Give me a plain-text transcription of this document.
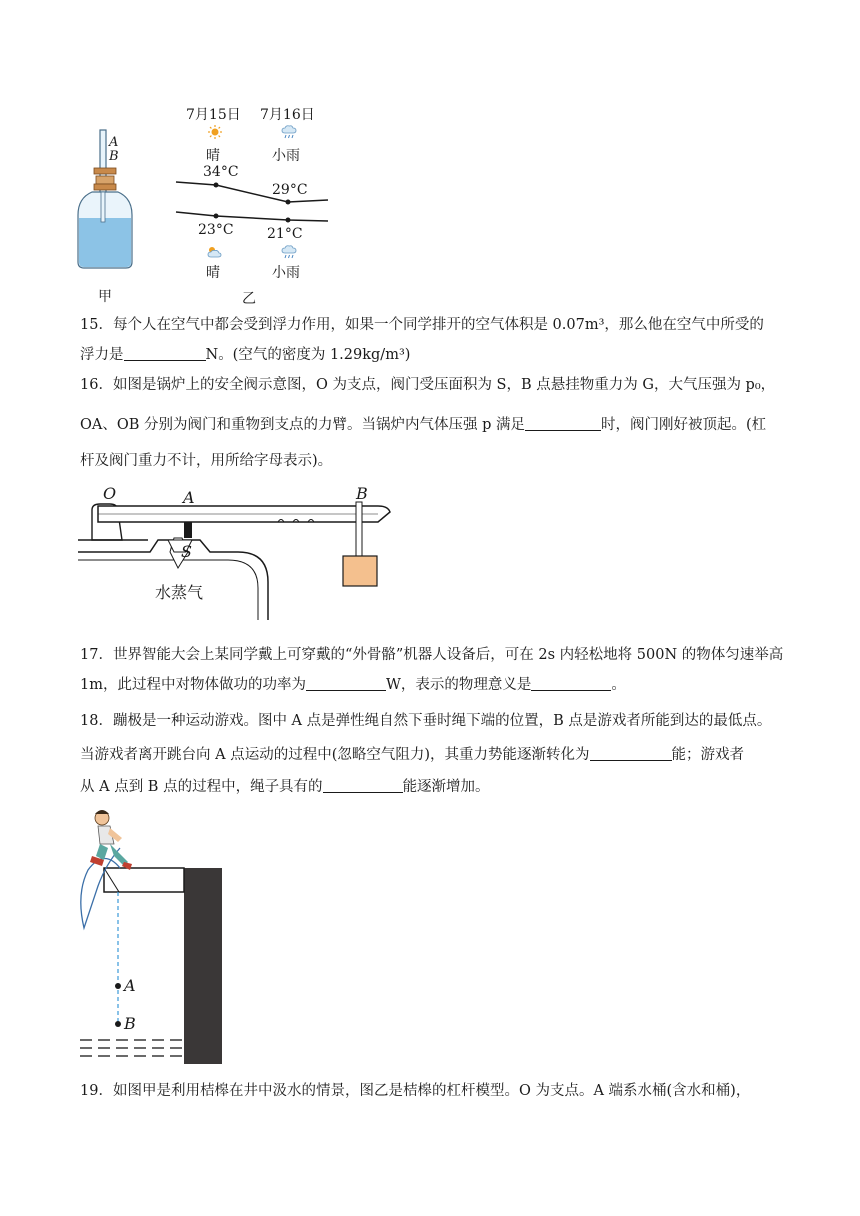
A
B
甲
7月15日 7月16日
晴	小雨
34°C
29°C
23°C 21°C
晴	小雨
乙
15．每个人在空气中都会受到浮力作用，如果一个同学排开的空气体积是 0.07m³，那么他在空气中所受的
浮力是	N。(空气的密度为 1.29kg/m³)
16．如图是锅炉上的安全阀示意图，O 为支点，阀门受压面积为 S，B 点悬挂物重力为 G，大气压强为 p₀，
OA、OB 分别为阀门和重物到支点的力臂。当锅炉内气体压强 p 满足	时，阀门刚好被顶起。(杠
杆及阀门重力不计，用所给字母表示)。
O	A	B
S
水蒸气
17．世界智能大会上某同学戴上可穿戴的“外骨骼”机器人设备后，可在 2s 内轻松地将 500N 的物体匀速举高
1m，此过程中对物体做功的功率为	W，表示的物理意义是	。
18．蹦极是一种运动游戏。图中 A 点是弹性绳自然下垂时绳下端的位置，B 点是游戏者所能到达的最低点。
当游戏者离开跳台向 A 点运动的过程中(忽略空气阻力)，其重力势能逐渐转化为	能；游戏者
从 A 点到 B 点的过程中，绳子具有的	能逐渐增加。
A
B
19．如图甲是利用桔槔在井中汲水的情景，图乙是桔槔的杠杆模型。O 为支点。A 端系水桶(含水和桶)，
